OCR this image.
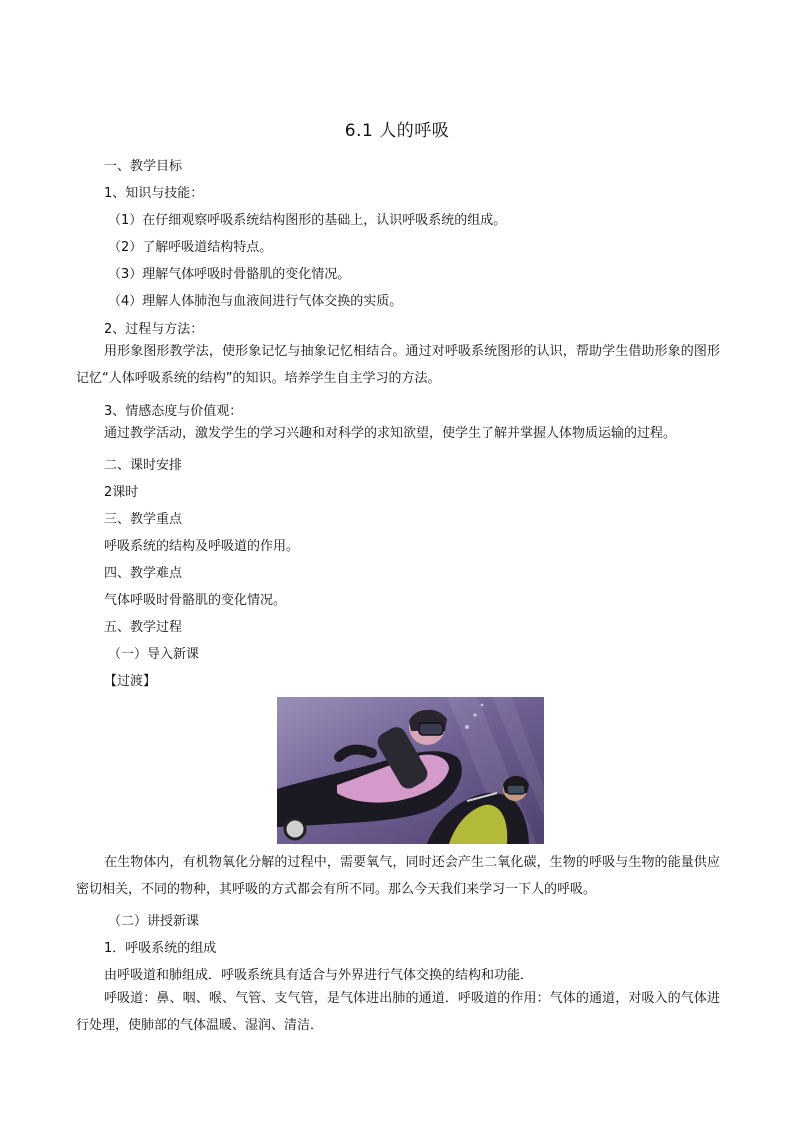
6.1 人的呼吸
一、教学目标
1、知识与技能：
（1）在仔细观察呼吸系统结构图形的基础上，认识呼吸系统的组成。
（2）了解呼吸道结构特点。
（3）理解气体呼吸时骨骼肌的变化情况。
（4）理解人体肺泡与血液间进行气体交换的实质。
2、过程与方法：
用形象图形教学法，使形象记忆与抽象记忆相结合。通过对呼吸系统图形的认识，帮助学生借助形象的图形记忆“人体呼吸系统的结构”的知识。培养学生自主学习的方法。
3、情感态度与价值观：
通过教学活动，激发学生的学习兴趣和对科学的求知欲望，使学生了解并掌握人体物质运输的过程。
二、课时安排
2课时
三、教学重点
呼吸系统的结构及呼吸道的作用。
四、教学难点
气体呼吸时骨骼肌的变化情况。
五、教学过程
（一）导入新课
【过渡】
在生物体内，有机物氧化分解的过程中，需要氧气，同时还会产生二氧化碳，生物的呼吸与生物的能量供应密切相关，不同的物种，其呼吸的方式都会有所不同。那么今天我们来学习一下人的呼吸。
（二）讲授新课
1．呼吸系统的组成
由呼吸道和肺组成．呼吸系统具有适合与外界进行气体交换的结构和功能．
呼吸道：鼻、咽、喉、气管、支气管，是气体进出肺的通道．呼吸道的作用：气体的通道，对吸入的气体进行处理，使肺部的气体温暖、湿润、清洁．
